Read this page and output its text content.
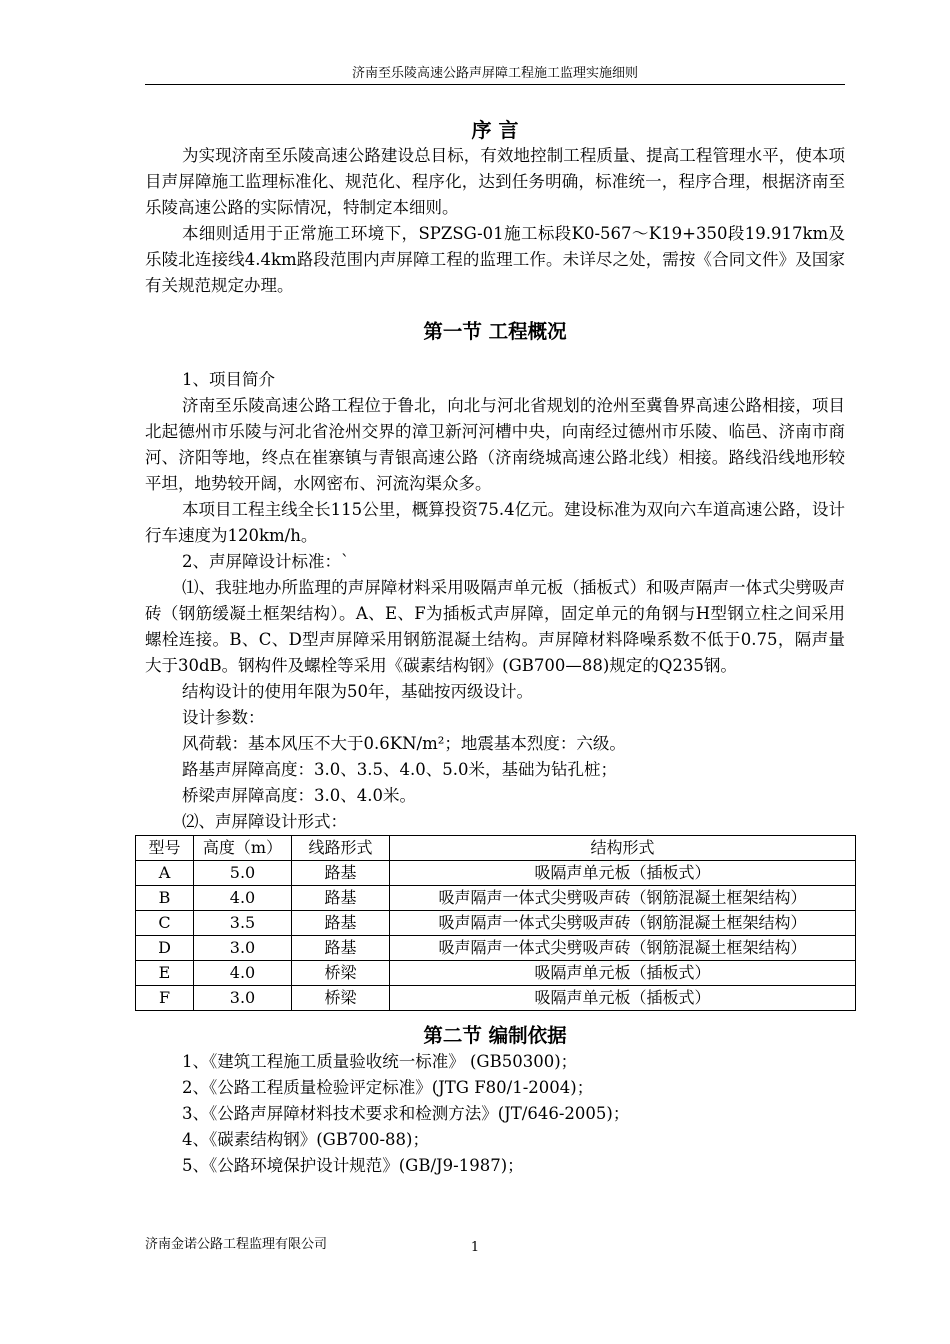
济南至乐陵高速公路声屏障工程施工监理实施细则

序 言

为实现济南至乐陵高速公路建设总目标，有效地控制工程质量、提高工程管理水平，使本项目声屏障施工监理标准化、规范化、程序化，达到任务明确，标准统一，程序合理，根据济南至乐陵高速公路的实际情况，特制定本细则。

本细则适用于正常施工环境下，SPZSG-01施工标段K0-567～K19+350段19.917km及乐陵北连接线4.4km路段范围内声屏障工程的监理工作。未详尽之处，需按《合同文件》及国家有关规范规定办理。

第一节 工程概况

1、项目简介

济南至乐陵高速公路工程位于鲁北，向北与河北省规划的沧州至冀鲁界高速公路相接，项目北起德州市乐陵与河北省沧州交界的漳卫新河河槽中央，向南经过德州市乐陵、临邑、济南市商河、济阳等地，终点在崔寨镇与青银高速公路（济南绕城高速公路北线）相接。路线沿线地形较平坦，地势较开阔，水网密布、河流沟渠众多。

本项目工程主线全长115公里，概算投资75.4亿元。建设标准为双向六车道高速公路，设计行车速度为120km/h。

2、声屏障设计标准：`

⑴、我驻地办所监理的声屏障材料采用吸隔声单元板（插板式）和吸声隔声一体式尖劈吸声砖（钢筋缓凝土框架结构）。A、E、F为插板式声屏障，固定单元的角钢与H型钢立柱之间采用螺栓连接。B、C、D型声屏障采用钢筋混凝土结构。声屏障材料降噪系数不低于0.75，隔声量大于30dB。钢构件及螺栓等采用《碳素结构钢》(GB700—88)规定的Q235钢。

结构设计的使用年限为50年，基础按丙级设计。

设计参数：

风荷载：基本风压不大于0.6KN/m²；地震基本烈度：六级。

路基声屏障高度：3.0、3.5、4.0、5.0米，基础为钻孔桩；

桥梁声屏障高度：3.0、4.0米。

⑵、声屏障设计形式：

型号	高度（m）	线路形式	结构形式
A	5.0	路基	吸隔声单元板（插板式）
B	4.0	路基	吸声隔声一体式尖劈吸声砖（钢筋混凝土框架结构）
C	3.5	路基	吸声隔声一体式尖劈吸声砖（钢筋混凝土框架结构）
D	3.0	路基	吸声隔声一体式尖劈吸声砖（钢筋混凝土框架结构）
E	4.0	桥梁	吸隔声单元板（插板式）
F	3.0	桥梁	吸隔声单元板（插板式）

第二节 编制依据

1、《建筑工程施工质量验收统一标准》 (GB50300)；

2、《公路工程质量检验评定标准》(JTG F80/1-2004)；

3、《公路声屏障材料技术要求和检测方法》(JT/646-2005)；

4、《碳素结构钢》(GB700-88)；

5、《公路环境保护设计规范》(GB/J9-1987)；

济南金诺公路工程监理有限公司	1
